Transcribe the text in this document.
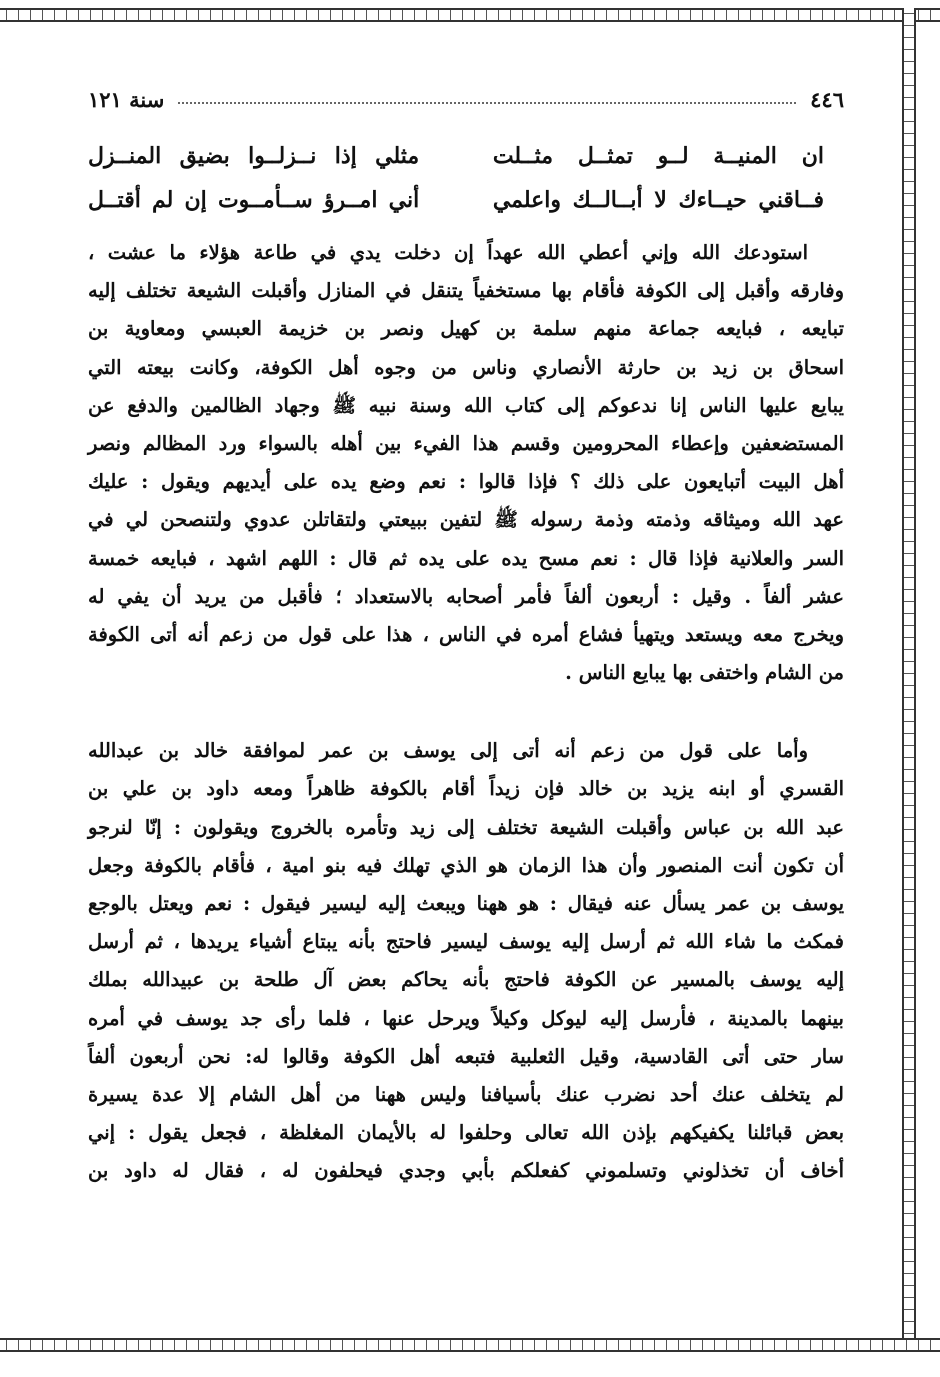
٤٤٦
سنة ١٢١
ان المنيــة لــو تمثــل مثــلت
مثلي إذا نــزلــوا بضيق المنــزل
فــاقني حيــاءك لا أبــالــك واعلمي
أني امــرؤ ســأمــوت إن لم أقتــل
استودعك الله وإني أعطي الله عهداً إن دخلت يدي في طاعة هؤلاء ما عشت ،
وفارقه وأقبل إلى الكوفة فأقام بها مستخفياً يتنقل في المنازل وأقبلت الشيعة تختلف إليه
تبايعه ، فبايعه جماعة منهم سلمة بن كهيل ونصر بن خزيمة العبسي ومعاوية بن
اسحاق بن زيد بن حارثة الأنصاري وناس من وجوه أهل الكوفة، وكانت بيعته التي
يبايع عليها الناس إنا ندعوكم إلى كتاب الله وسنة نبيه ﷺ وجهاد الظالمين والدفع عن
المستضعفين وإعطاء المحرومين وقسم هذا الفيء بين أهله بالسواء ورد المظالم ونصر
أهل البيت أتبايعون على ذلك ؟ فإذا قالوا : نعم وضع يده على أيديهم ويقول : عليك
عهد الله وميثاقه وذمته وذمة رسوله ﷺ لتفين ببيعتي ولتقاتلن عدوي ولتنصحن لي في
السر والعلانية فإذا قال : نعم مسح يده على يده ثم قال : اللهم اشهد ، فبايعه خمسة
عشر ألفاً . وقيل : أربعون ألفاً فأمر أصحابه بالاستعداد ؛ فأقبل من يريد أن يفي له
ويخرج معه ويستعد ويتهيأ فشاع أمره في الناس ، هذا على قول من زعم أنه أتى الكوفة
من الشام واختفى بها يبايع الناس .
وأما على قول من زعم أنه أتى إلى يوسف بن عمر لموافقة خالد بن عبدالله
القسري أو ابنه يزيد بن خالد فإن زيداً أقام بالكوفة ظاهراً ومعه داود بن علي بن
عبد الله بن عباس وأقبلت الشيعة تختلف إلى زيد وتأمره بالخروج ويقولون : إنّا لنرجو
أن تكون أنت المنصور وأن هذا الزمان هو الذي تهلك فيه بنو امية ، فأقام بالكوفة وجعل
يوسف بن عمر يسأل عنه فيقال : هو ههنا ويبعث إليه ليسير فيقول : نعم ويعتل بالوجع
فمكث ما شاء الله ثم أرسل إليه يوسف ليسير فاحتج بأنه يبتاع أشياء يريدها ، ثم أرسل
إليه يوسف بالمسير عن الكوفة فاحتج بأنه يحاكم بعض آل طلحة بن عبيدالله بملك
بينهما بالمدينة ، فأرسل إليه ليوكل وكيلاً ويرحل عنها ، فلما رأى جد يوسف في أمره
سار حتى أتى القادسية، وقيل الثعلبية فتبعه أهل الكوفة وقالوا له: نحن أربعون ألفاً
لم يتخلف عنك أحد نضرب عنك بأسيافنا وليس ههنا من أهل الشام إلا عدة يسيرة
بعض قبائلنا يكفيكهم بإذن الله تعالى وحلفوا له بالأيمان المغلظة ، فجعل يقول : إني
أخاف أن تخذلوني وتسلموني كفعلكم بأبي وجدي فيحلفون له ، فقال له داود بن
